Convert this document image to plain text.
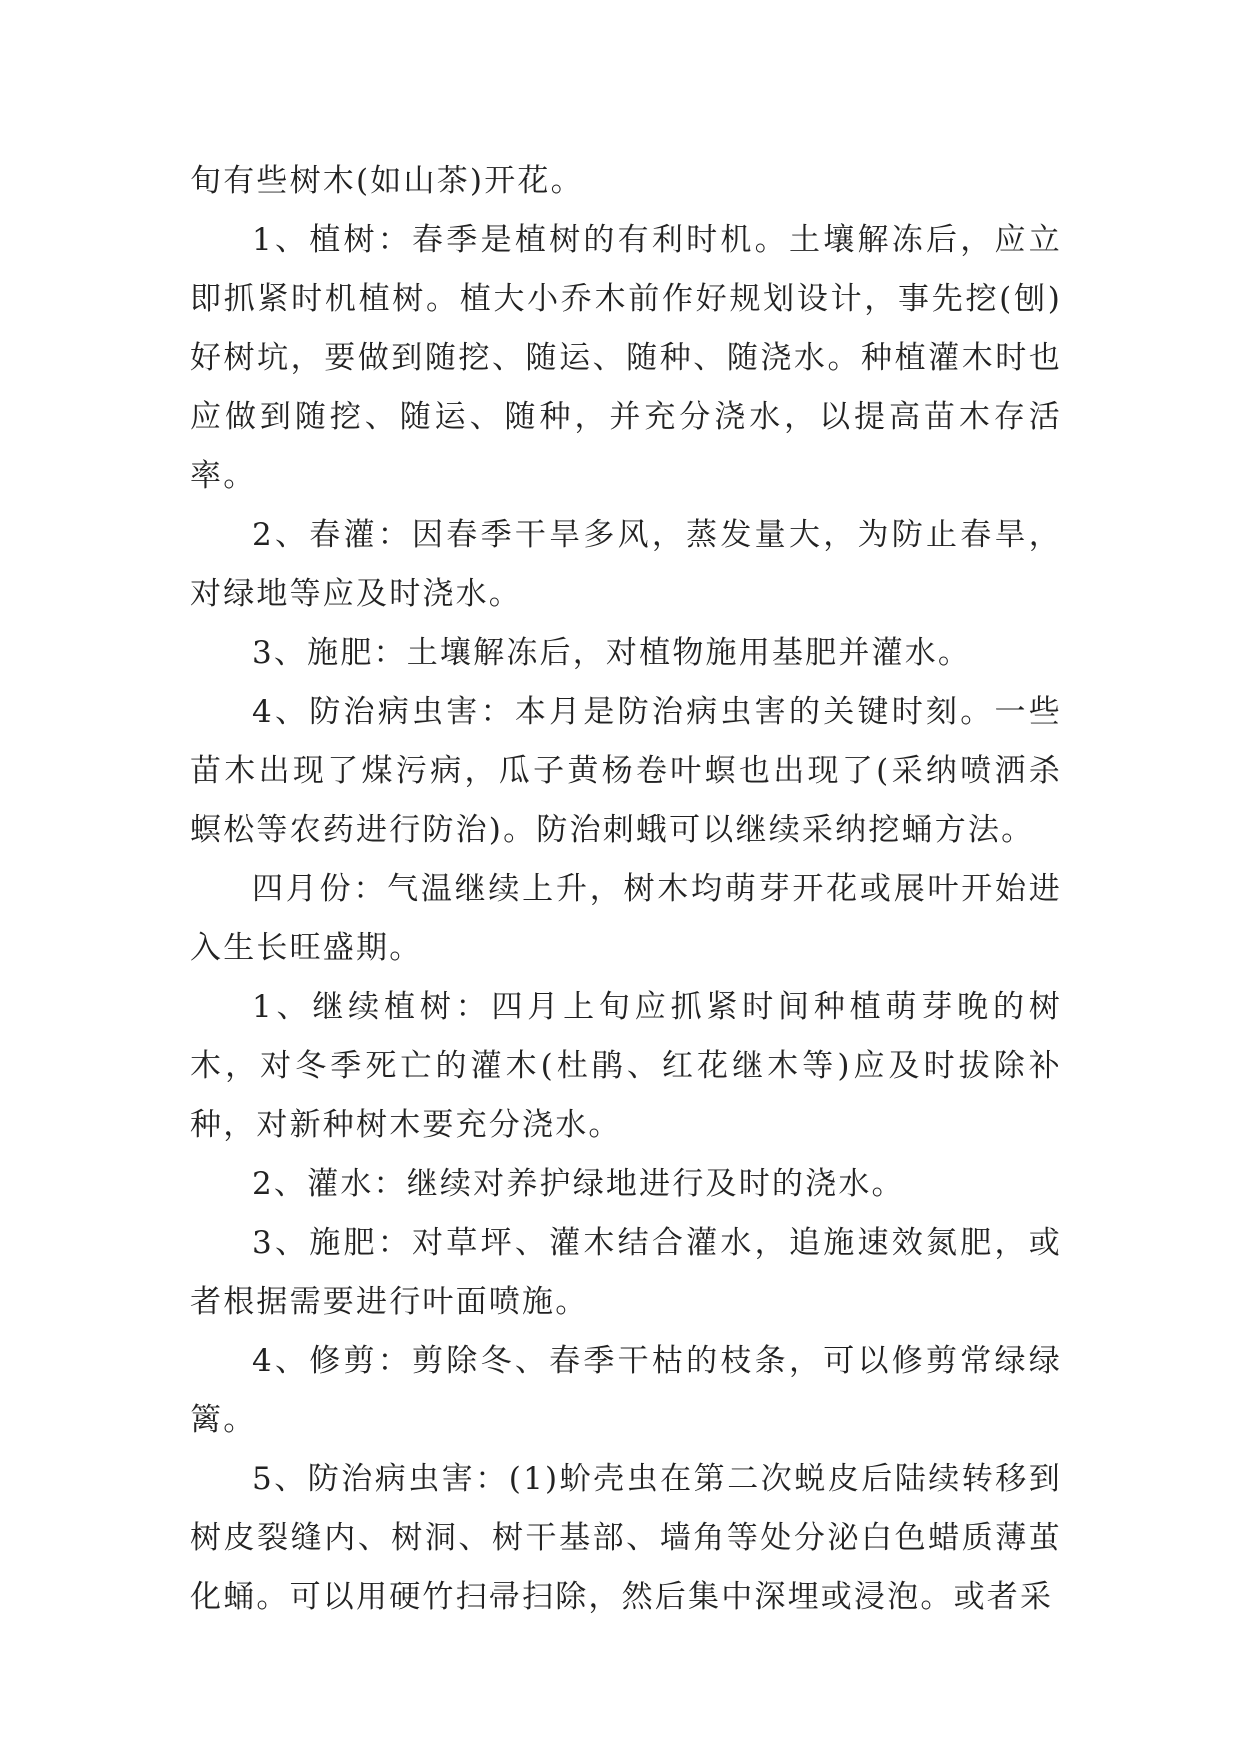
旬有些树木(如山茶)开花。

1、植树：春季是植树的有利时机。土壤解冻后，应立即抓紧时机植树。植大小乔木前作好规划设计，事先挖(刨)好树坑，要做到随挖、随运、随种、随浇水。种植灌木时也应做到随挖、随运、随种，并充分浇水，以提高苗木存活率。

2、春灌：因春季干旱多风，蒸发量大，为防止春旱，对绿地等应及时浇水。

3、施肥：土壤解冻后，对植物施用基肥并灌水。

4、防治病虫害：本月是防治病虫害的关键时刻。一些苗木出现了煤污病，瓜子黄杨卷叶螟也出现了(采纳喷洒杀螟松等农药进行防治)。防治刺蛾可以继续采纳挖蛹方法。

四月份：气温继续上升，树木均萌芽开花或展叶开始进入生长旺盛期。

1、继续植树：四月上旬应抓紧时间种植萌芽晚的树木，对冬季死亡的灌木(杜鹃、红花继木等)应及时拔除补种，对新种树木要充分浇水。

2、灌水：继续对养护绿地进行及时的浇水。

3、施肥：对草坪、灌木结合灌水，追施速效氮肥，或者根据需要进行叶面喷施。

4、修剪：剪除冬、春季干枯的枝条，可以修剪常绿绿篱。

5、防治病虫害：(1)蚧壳虫在第二次蜕皮后陆续转移到树皮裂缝内、树洞、树干基部、墙角等处分泌白色蜡质薄茧化蛹。可以用硬竹扫帚扫除，然后集中深埋或浸泡。或者采
